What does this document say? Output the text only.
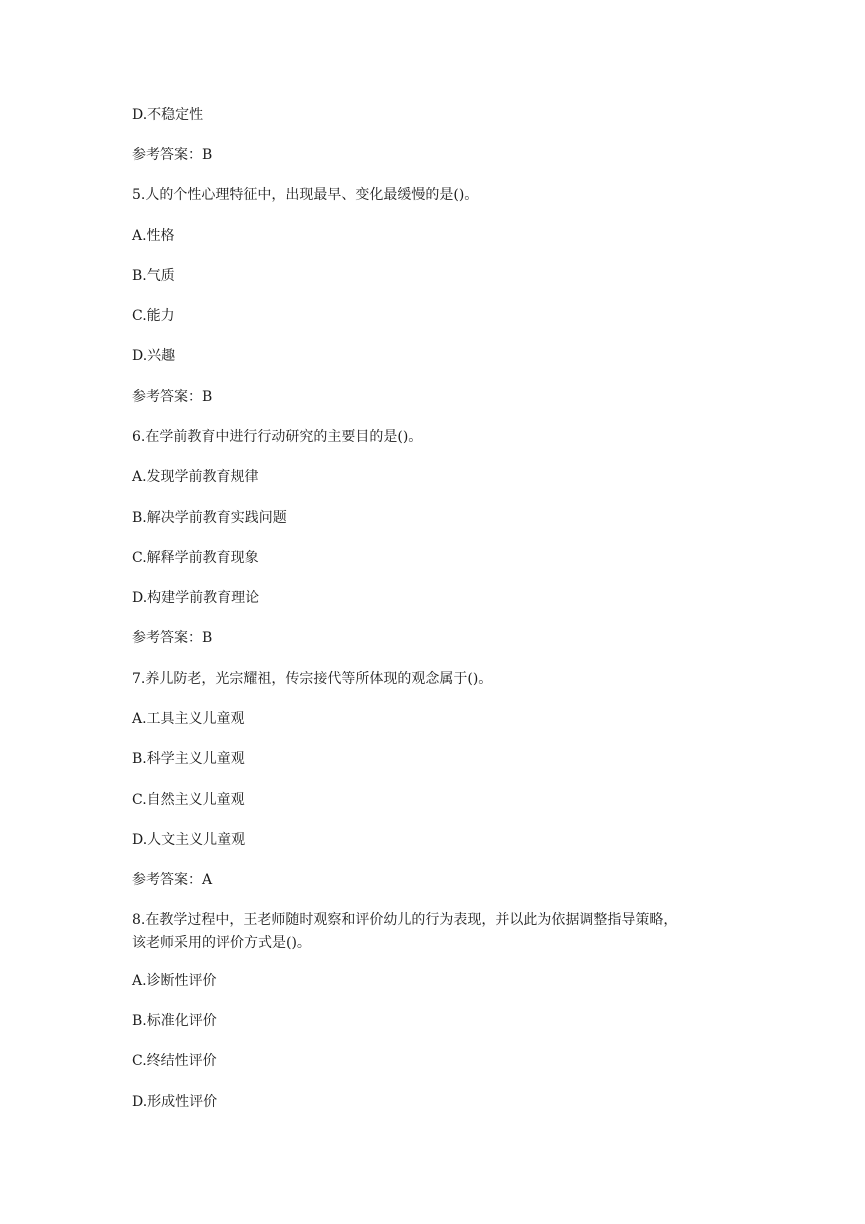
D.不稳定性
参考答案：B
5.人的个性心理特征中，出现最早、变化最缓慢的是()。
A.性格
B.气质
C.能力
D.兴趣
参考答案：B
6.在学前教育中进行行动研究的主要目的是()。
A.发现学前教育规律
B.解决学前教育实践问题
C.解释学前教育现象
D.构建学前教育理论
参考答案：B
7.养儿防老，光宗耀祖，传宗接代等所体现的观念属于()。
A.工具主义儿童观
B.科学主义儿童观
C.自然主义儿童观
D.人文主义儿童观
参考答案：A
8.在教学过程中，王老师随时观察和评价幼儿的行为表现，并以此为依据调整指导策略，
该老师采用的评价方式是()。
A.诊断性评价
B.标准化评价
C.终结性评价
D.形成性评价
